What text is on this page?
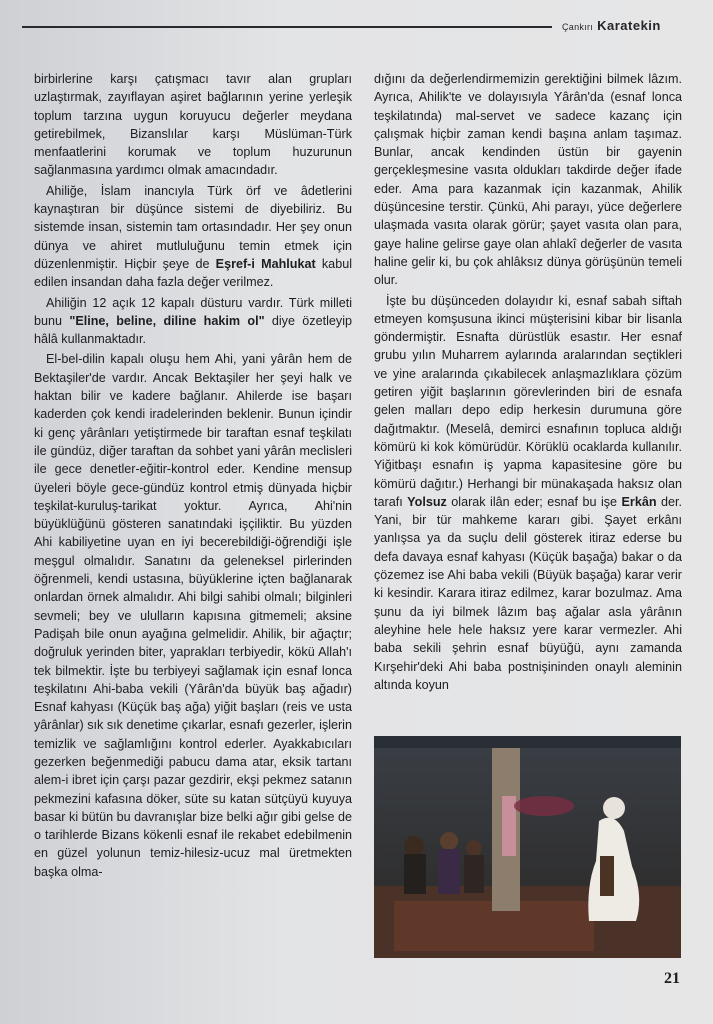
Çankırı Karatekin

birbirlerine karşı çatışmacı tavır alan grupları uzlaştırmak, zayıflayan aşiret bağlarının yerine yerleşik toplum tarzına uygun koruyucu değerler meydana getirebilmek, Bizanslılar karşı Müslüman-Türk menfaatlerini korumak ve toplum huzurunun sağlanmasına yardımcı olmak amacındadır.

Ahiliğe, İslam inancıyla Türk örf ve âdetlerini kaynaştıran bir düşünce sistemi de diyebiliriz. Bu sistemde insan, sistemin tam ortasındadır. Her şey onun dünya ve ahiret mutluluğunu temin etmek için düzenlenmiştir. Hiçbir şeye de Eşref-i Mahlukat kabul edilen insandan daha fazla değer verilmez.

Ahiliğin 12 açık 12 kapalı düsturu vardır. Türk milleti bunu "Eline, beline, diline hakim ol" diye özetleyip hâlâ kullanmaktadır.

El-bel-dilin kapalı oluşu hem Ahi, yani yârân hem de Bektaşiler'de vardır. Ancak Bektaşiler her şeyi halk ve haktan bilir ve kadere bağlanır. Ahilerde ise başarı kaderden çok kendi iradelerinden beklenir. Bunun içindir ki genç yârânları yetiştirmede bir taraftan esnaf teşkilatı ile gündüz, diğer taraftan da sohbet yani yârân meclisleri ile gece denetler-eğitir-kontrol eder. Kendine mensup üyeleri böyle gece-gündüz kontrol etmiş dünyada hiçbir teşkilat-kuruluş-tarikat yoktur. Ayrıca, Ahi'nin büyüklüğünü gösteren sanatındaki işçiliktir. Bu yüzden Ahi kabiliyetine uyan en iyi becerebildiği-öğrendiği işle meşgul olmalıdır. Sanatını da geleneksel pirlerinden öğrenmeli, kendi ustasına, büyüklerine içten bağlanarak onlardan örnek almalıdır. Ahi bilgi sahibi olmalı; bilginleri sevmeli; bey ve ululların kapısına gitmemeli; aksine Padişah bile onun ayağına gelmelidir. Ahilik, bir ağaçtır; doğruluk yerinden biter, yaprakları terbiyedir, kökü Allah'ı tek bilmektir. İşte bu terbiyeyi sağlamak için esnaf lonca teşkilatını Ahi-baba vekili (Yârân'da büyük baş ağadır) Esnaf kahyası (Küçük baş ağa) yiğit başları (reis ve usta yârânlar) sık sık denetime çıkarlar, esnafı gezerler, işlerin temizlik ve sağlamlığını kontrol ederler. Ayakkabıcıları gezerken beğenmediği pabucu dama atar, eksik tartanı alem-i ibret için çarşı pazar gezdirir, ekşi pekmez satanın pekmezini kafasına döker, süte su katan sütçüyü kuyuya basar ki bütün bu davranışlar bize belki ağır gibi gelse de o tarihlerde Bizans kökenli esnaf ile rekabet edebilmenin en güzel yolunun temiz-hilesiz-ucuz mal üretmekten başka olma-

dığını da değerlendirmemizin gerektiğini bilmek lâzım. Ayrıca, Ahilik'te ve dolayısıyla Yârân'da (esnaf lonca teşkilatında) mal-servet ve sadece kazanç için çalışmak hiçbir zaman kendi başına anlam taşımaz. Bunlar, ancak kendinden üstün bir gayenin gerçekleşmesine vasıta oldukları takdirde değer ifade eder. Ama para kazanmak için kazanmak, Ahilik düşüncesine terstir. Çünkü, Ahi parayı, yüce değerlere ulaşmada vasıta olarak görür; şayet vasıta olan para, gaye haline gelirse gaye olan ahlakî değerler de vasıta haline gelir ki, bu çok ahlâksız dünya görüşünün temeli olur.

İşte bu düşünceden dolayıdır ki, esnaf sabah siftah etmeyen komşusuna ikinci müşterisini kibar bir lisanla göndermiştir. Esnafta dürüstlük esastır. Her esnaf grubu yılın Muharrem aylarında aralarından seçtikleri ve yine aralarında çıkabilecek anlaşmazlıklara çözüm getiren yiğit başlarının görevlerinden biri de esnafa gelen malları depo edip herkesin durumuna göre dağıtmaktır. (Meselâ, demirci esnafının topluca aldığı kömürü ki kok kömürüdür. Körüklü ocaklarda kullanılır. Yiğitbaşı esnafın iş yapma kapasitesine göre bu kömürü dağıtır.) Herhangi bir münakaşada haksız olan tarafı Yolsuz olarak ilân eder; esnaf bu işe Erkân der. Yani, bir tür mahkeme kararı gibi. Şayet erkânı yanlışsa ya da suçlu delil gösterek itiraz ederse bu defa davaya esnaf kahyası (Küçük başağa) bakar o da çözemez ise Ahi baba vekili (Büyük başağa) karar verir ki kesindir. Karara itiraz edilmez, karar bozulmaz. Ama şunu da iyi bilmek lâzım baş ağalar asla yârânın aleyhine hele hele haksız yere karar vermezler. Ahi baba sekili şehrin esnaf büyüğü, aynı zamanda Kırşehir'deki Ahi baba postnişininden onaylı aleminin altında koyun

21
